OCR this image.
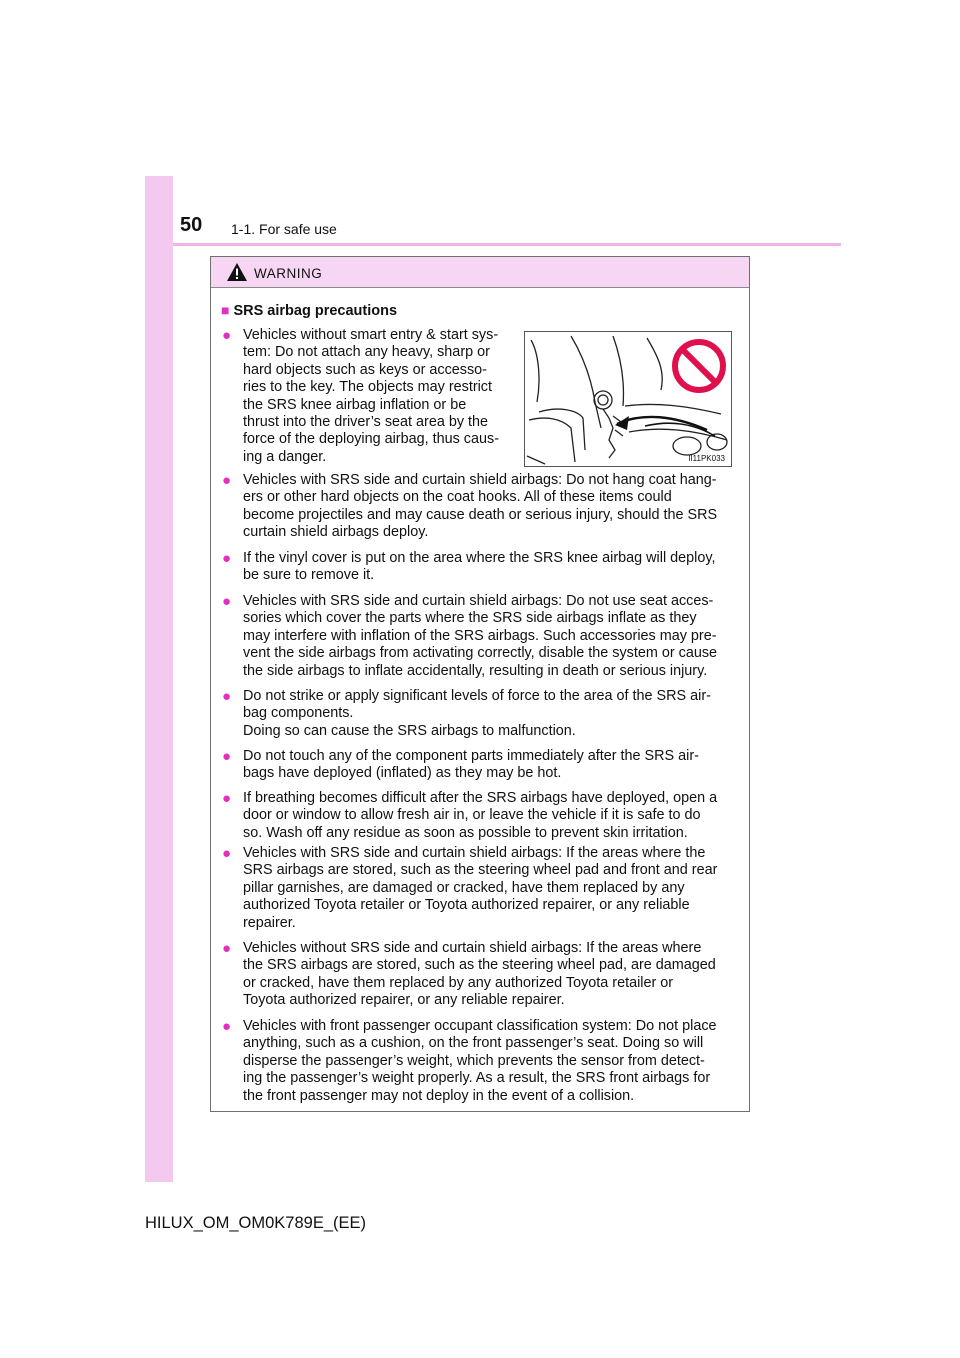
50 1-1. For safe use
WARNING
■ SRS airbag precautions
● Vehicles without smart entry & start sys-
tem: Do not attach any heavy, sharp or
hard objects such as keys or accesso-
ries to the key. The objects may restrict
the SRS knee airbag inflation or be
thrust into the driver’s seat area by the
force of the deploying airbag, thus caus-
ing a danger.	II11PK033
● Vehicles with SRS side and curtain shield airbags: Do not hang coat hang-
ers or other hard objects on the coat hooks. All of these items could
become projectiles and may cause death or serious injury, should the SRS
curtain shield airbags deploy.
● If the vinyl cover is put on the area where the SRS knee airbag will deploy,
be sure to remove it.
● Vehicles with SRS side and curtain shield airbags: Do not use seat acces-
sories which cover the parts where the SRS side airbags inflate as they
may interfere with inflation of the SRS airbags. Such accessories may pre-
vent the side airbags from activating correctly, disable the system or cause
the side airbags to inflate accidentally, resulting in death or serious injury.
● Do not strike or apply significant levels of force to the area of the SRS air-
bag components.
Doing so can cause the SRS airbags to malfunction.
● Do not touch any of the component parts immediately after the SRS air-
bags have deployed (inflated) as they may be hot.
● If breathing becomes difficult after the SRS airbags have deployed, open a
door or window to allow fresh air in, or leave the vehicle if it is safe to do
so. Wash off any residue as soon as possible to prevent skin irritation.
● Vehicles with SRS side and curtain shield airbags: If the areas where the
SRS airbags are stored, such as the steering wheel pad and front and rear
pillar garnishes, are damaged or cracked, have them replaced by any
authorized Toyota retailer or Toyota authorized repairer, or any reliable
repairer.
● Vehicles without SRS side and curtain shield airbags: If the areas where
the SRS airbags are stored, such as the steering wheel pad, are damaged
or cracked, have them replaced by any authorized Toyota retailer or
Toyota authorized repairer, or any reliable repairer.
● Vehicles with front passenger occupant classification system: Do not place
anything, such as a cushion, on the front passenger’s seat. Doing so will
disperse the passenger’s weight, which prevents the sensor from detect-
ing the passenger’s weight properly. As a result, the SRS front airbags for
the front passenger may not deploy in the event of a collision.
HILUX_OM_OM0K789E_(EE)
